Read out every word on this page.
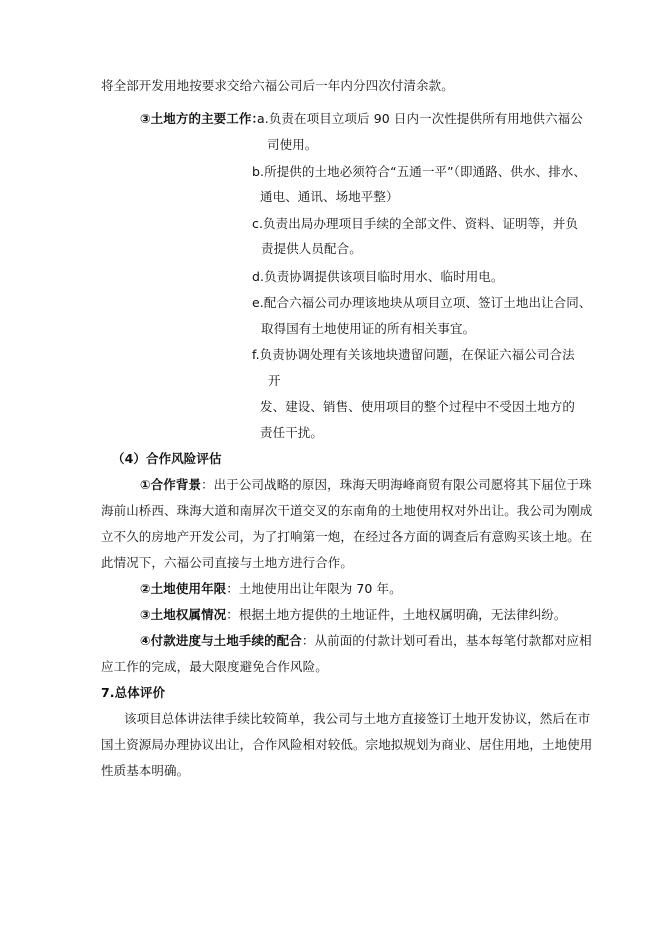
将全部开发用地按要求交给六福公司后一年内分四次付清余款。
③土地方的主要工作：
a.负责在项目立项后 90 日内一次性提供所有用地供六福公
司使用。
b.所提供的土地必须符合“五通一平”（即通路、供水、排水、
通电、通讯、场地平整）
c.负责出局办理项目手续的全部文件、资料、证明等，并负
责提供人员配合。
d.负责协调提供该项目临时用水、临时用电。
e.配合六福公司办理该地块从项目立项、签订土地出让合同、
取得国有土地使用证的所有相关事宜。
f.负责协调处理有关该地块遗留问题，在保证六福公司合法
开
发、建设、销售、使用项目的整个过程中不受因土地方的
责任干扰。
（4）合作风险评估
①合作背景：出于公司战略的原因，珠海天明海峰商贸有限公司愿将其下届位于珠
海前山桥西、珠海大道和南屏次干道交叉的东南角的土地使用权对外出让。我公司为刚成
立不久的房地产开发公司，为了打响第一炮，在经过各方面的调查后有意购买该土地。在
此情况下，六福公司直接与土地方进行合作。
②土地使用年限：土地使用出让年限为 70 年。
③土地权属情况：根据土地方提供的土地证件，土地权属明确，无法律纠纷。
④付款进度与土地手续的配合：从前面的付款计划可看出，基本每笔付款都对应相
应工作的完成，最大限度避免合作风险。
7.总体评价
该项目总体讲法律手续比较简单，我公司与土地方直接签订土地开发协议，然后在市
国土资源局办理协议出让，合作风险相对较低。宗地拟规划为商业、居住用地，土地使用
性质基本明确。
